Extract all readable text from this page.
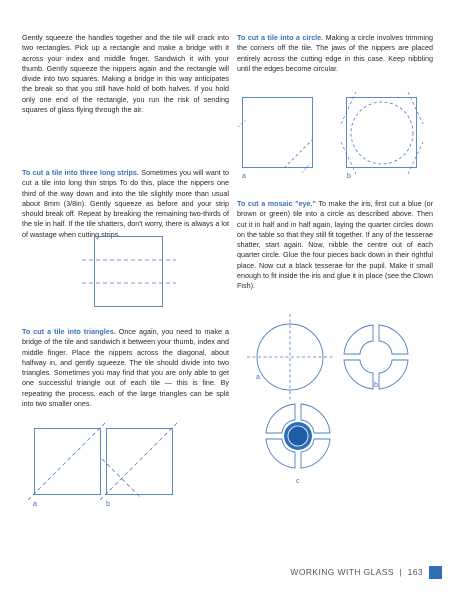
Gently squeeze the handles together and the tile will crack into two rectangles. Pick up a rectangle and make a bridge with it across your index and middle finger. Sandwich it with your thumb. Gently squeeze the nippers again and the rectangle will divide into two squares. Making a bridge in this way anticipates the break so that you still have hold of both halves. If you hold only one end of the rectangle, you run the risk of sending squares of glass flying through the air.

To cut a tile into three long strips. Sometimes you will want to cut a tile into long thin strips To do this, place the nippers one third of the way down and into the tile slightly more than usual about 8mm (3/8in). Gently squeeze as before and your strip should break off. Repeat by breaking the remaining two-thirds of the tile in half. If the tile shatters, don't worry, there is always a lot of wastage when cutting strips.

To cut a tile into triangles. Once again, you need to make a bridge of the tile and sandwich it between your thumb, index and middle finger. Place the nippers across the diagonal, about halfway in, and gently squeeze. The tile should divide into two triangles. Sometimes you may find that you are only able to get one successful triangle out of each tile — this is fine. By repeating the process, each of the large triangles can be split into two smaller ones.

a	b

To cut a tile into a circle. Making a circle involves trimming the corners off the tile. The jaws of the nippers are placed entirely across the cutting edge in this case. Keep nibbling until the edges become circular.

a	b

To cut a mosaic "eye." To make the iris, first cut a blue (or brown or green) tile into a circle as described above. Then cut it in half and in half again, laying the quarter circles down on the table so that they still fit together. If any of the tesserae shatter, start again. Now, nibble the centre out of each quarter circle. Glue the four pieces back down in their rightful place. Now cut a black tesserae for the pupil. Make it small enough to fit inside the iris and glue it in place (see the Clown Fish).

a
b
c
WORKING WITH GLASS  |  163
